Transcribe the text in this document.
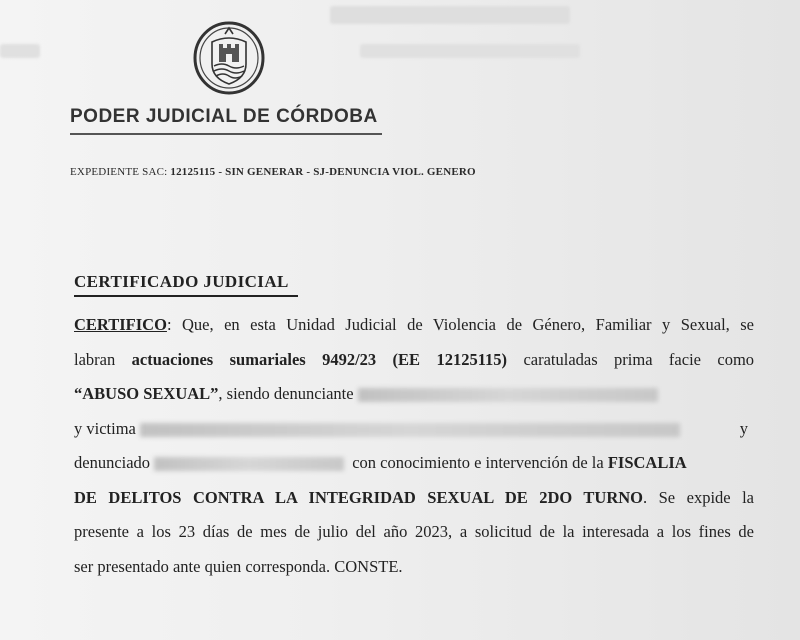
PODER JUDICIAL DE CÓRDOBA
EXPEDIENTE SAC: 12125115 - SIN GENERAR - SJ-DENUNCIA VIOL. GENERO
CERTIFICADO JUDICIAL
CERTIFICO: Que, en esta Unidad Judicial de Violencia de Género, Familiar y Sexual, se
labran actuaciones sumariales 9492/23 (EE 12125115) caratuladas prima facie como
“ABUSO SEXUAL”, siendo denunciante
y victima	y
denunciado	con conocimiento e intervención de la FISCALIA
DE DELITOS CONTRA LA INTEGRIDAD SEXUAL DE 2DO TURNO. Se expide la
presente a los 23 días de mes de julio del año 2023, a solicitud de la interesada a los fines de
ser presentado ante quien corresponda. CONSTE.
